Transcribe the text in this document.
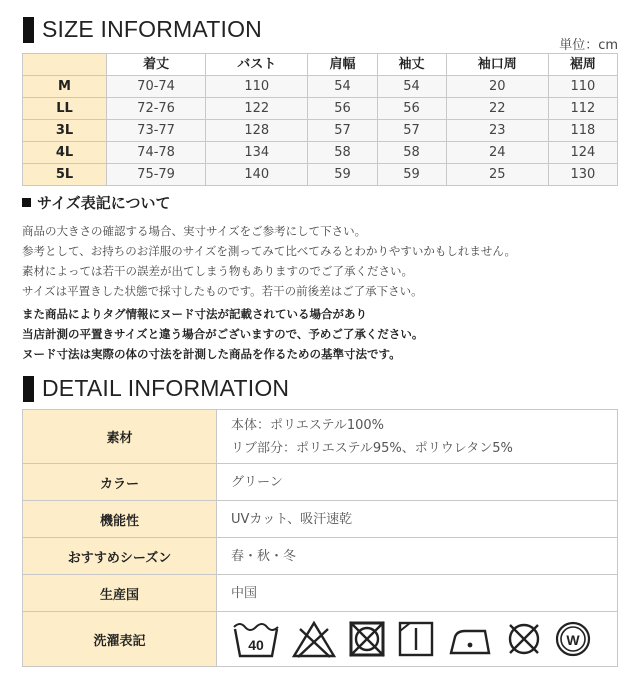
SIZE INFORMATION
単位：cm
	着丈	バスト	肩幅	袖丈	袖口周	裾周
M	70-74	110	54	54	20	110
LL	72-76	122	56	56	22	112
3L	73-77	128	57	57	23	118
4L	74-78	134	58	58	24	124
5L	75-79	140	59	59	25	130
サイズ表記について
商品の大きさの確認する場合、実寸サイズをご参考にして下さい。
参考として、お持ちのお洋服のサイズを測ってみて比べてみるとわかりやすいかもしれません。
素材によっては若干の誤差が出てしまう物もありますのでご了承ください。
サイズは平置きした状態で採寸したものです。若干の前後差はご了承下さい。
また商品によりタグ情報にヌード寸法が記載されている場合があり
当店計測の平置きサイズと違う場合がございますので、予めご了承ください。
ヌード寸法は実際の体の寸法を計測した商品を作るための基準寸法です。
DETAIL INFORMATION
素材	本体：ポリエステル100%
リブ部分：ポリエステル95%、ポリウレタン5%

カラー	グリーン
機能性	UVカット、吸汗速乾
おすすめシーズン	春・秋・冬
生産国	中国
洗濯表記	40 W
